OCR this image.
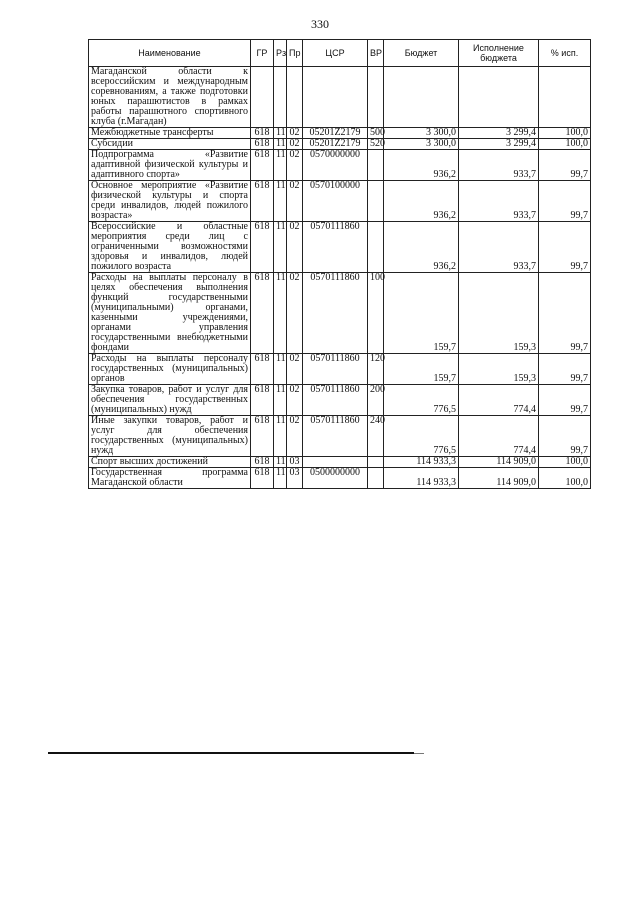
330
Наименование	ГР	Рз	Пр	ЦСР	ВР	Бюджет	Исполнение бюджета	% исп.
Магаданской области к всероссийским и международным соревнованиям, а также подготовки юных парашютистов в рамках работы парашютного спортивного клуба (г.Магадан)								
Межбюджетные трансферты	618	11	02	05201Z2179	500	3 300,0	3 299,4	100,0
Субсидии	618	11	02	05201Z2179	520	3 300,0	3 299,4	100,0
Подпрограмма «Развитие адаптивной физической культуры и адаптивного спорта»	618	11	02	0570000000		936,2	933,7	99,7
Основное мероприятие «Развитие физической культуры и спорта среди инвалидов, людей пожилого возраста»	618	11	02	0570100000		936,2	933,7	99,7
Всероссийские и областные мероприятия среди лиц с ограниченными возможностями здоровья и инвалидов, людей пожилого возраста	618	11	02	0570111860		936,2	933,7	99,7
Расходы на выплаты персоналу в целях обеспечения выполнения функций государственными (муниципальными) органами, казенными учреждениями, органами управления государственными внебюджетными фондами	618	11	02	0570111860	100	159,7	159,3	99,7
Расходы на выплаты персоналу государственных (муниципальных) органов	618	11	02	0570111860	120	159,7	159,3	99,7
Закупка товаров, работ и услуг для обеспечения государственных (муниципальных) нужд	618	11	02	0570111860	200	776,5	774,4	99,7
Иные закупки товаров, работ и услуг для обеспечения государственных (муниципальных) нужд	618	11	02	0570111860	240	776,5	774,4	99,7
Спорт высших достижений	618	11	03			114 933,3	114 909,0	100,0
Государственная программа Магаданской области	618	11	03	0500000000		114 933,3	114 909,0	100,0
